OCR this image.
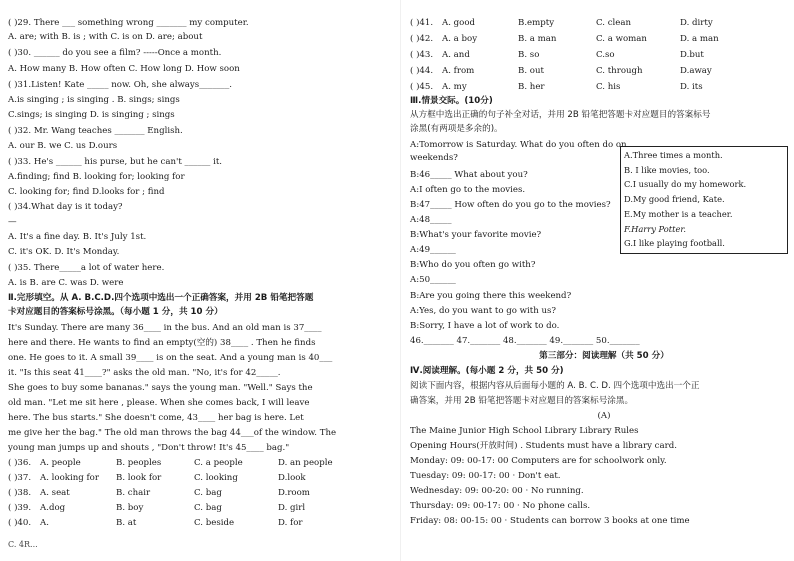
( )29. There ___ something wrong _______ my computer.
A. are; with B. is ; with C. is on D. are; about
( )30. ______ do you see a film? -----Once a month.
A. How many B. How often C. How long D. How soon
( )31.Listen! Kate _____ now. Oh, she always_______.
A.is singing ; is singing . B. sings; sings
C.sings; is singing D. is singing ; sings
( )32. Mr. Wang teaches _______ English.
A. our B. we C. us D.ours
( )33. He's ______ his purse, but he can't ______ it.
A.finding; find B. looking for; looking for
C. looking for; find D.looks for ; find
( )34.What day is it today?
—
A. It's a fine day. B. It's July 1st.
C. it's OK. D. It's Monday.
( )35. There_____a lot of water here.
A. is B. are C. was D. were
Ⅱ.完形填空。从 A. B.C.D.四个选项中选出一个正确答案，并用 2B 铅笔把答题
卡对应题目的答案标号涂黑。（每小题 1 分，共 10 分）
It's Sunday. There are many 36____ in the bus. And an old man is 37____
here and there. He wants to find an empty(空的) 38____ . Then he finds
one. He goes to it. A small 39____ is on the seat. And a young man is 40___
it. "Is this seat 41____?" asks the old man. "No, it's for 42_____.
She goes to buy some bananas." says the young man. "Well." Says the
old man. "Let me sit here , please. When she comes back, I will leave
here. The bus starts." She doesn't come, 43____ her bag is here. Let
me give her the bag." The old man throws the bag 44___of the window. The
young man jumps up and shouts , "Don't throw! It's 45____ bag."
( )36. A. people	B. peoples	C. a people	D. an people
( )37. A. looking for B. look for	C. looking	D.look
( )38. A. seat	B. chair	C. bag	D.room
( )39. A.dog	B. boy	C. bag	D. girl
( )40. A.	B. at	C. beside	D. for
A.Three times a month.
B. I like movies, too.
C.I usually do my homework.
D.My good friend, Kate.
E.My mother is a teacher.
F.Harry Potter.
G.I like playing football.
( )41. A. good	B.empty	C. clean	D. dirty
( )42. A. a boy	B. a man	C. a woman	D. a man
( )43. A. and	B. so	C.so	D.but
( )44. A. from	B. out	C. through	D.away
( )45. A. my	B. her	C. his	D. its
Ⅲ.情景交际。(10分)
从方框中选出正确的句子补全对话，并用 2B 铅笔把答题卡对应题目的答案标号
涂黑(有两项是多余的)。
A:Tomorrow is Saturday. What do you often do on
weekends?
B:46_____ What about you?
A:I often go to the movies.
B:47_____ How often do you go to the movies?
A:48_____
B:What's your favorite movie?
A:49______
B:Who do you often go with?
A:50______
B:Are you going there this weekend?
A:Yes, do you want to go with us?
B:Sorry, I have a lot of work to do.
46._______ 47._______ 48._______ 49._______ 50._______
第三部分：阅读理解（共 50 分）
Ⅳ.阅读理解。(每小题 2 分，共 50 分)
阅读下面内容，根据内容从后面每小题的 A. B. C. D. 四个选项中选出一个正
确答案，并用 2B 铅笔把答题卡对应题目的答案标号涂黑。
(A)
The Maine Junior High School Library Library Rules
Opening Hours(开放时间) . Students must have a library card.
Monday: 09: 00-17: 00 Computers are for schoolwork only.
Tuesday: 09: 00-17: 00 · Don't eat.
Wednesday: 09: 00-20: 00 · No running.
Thursday: 09: 00-17: 00 · No phone calls.
Friday: 08: 00-15: 00 · Students can borrow 3 books at one time
C. 4R...
